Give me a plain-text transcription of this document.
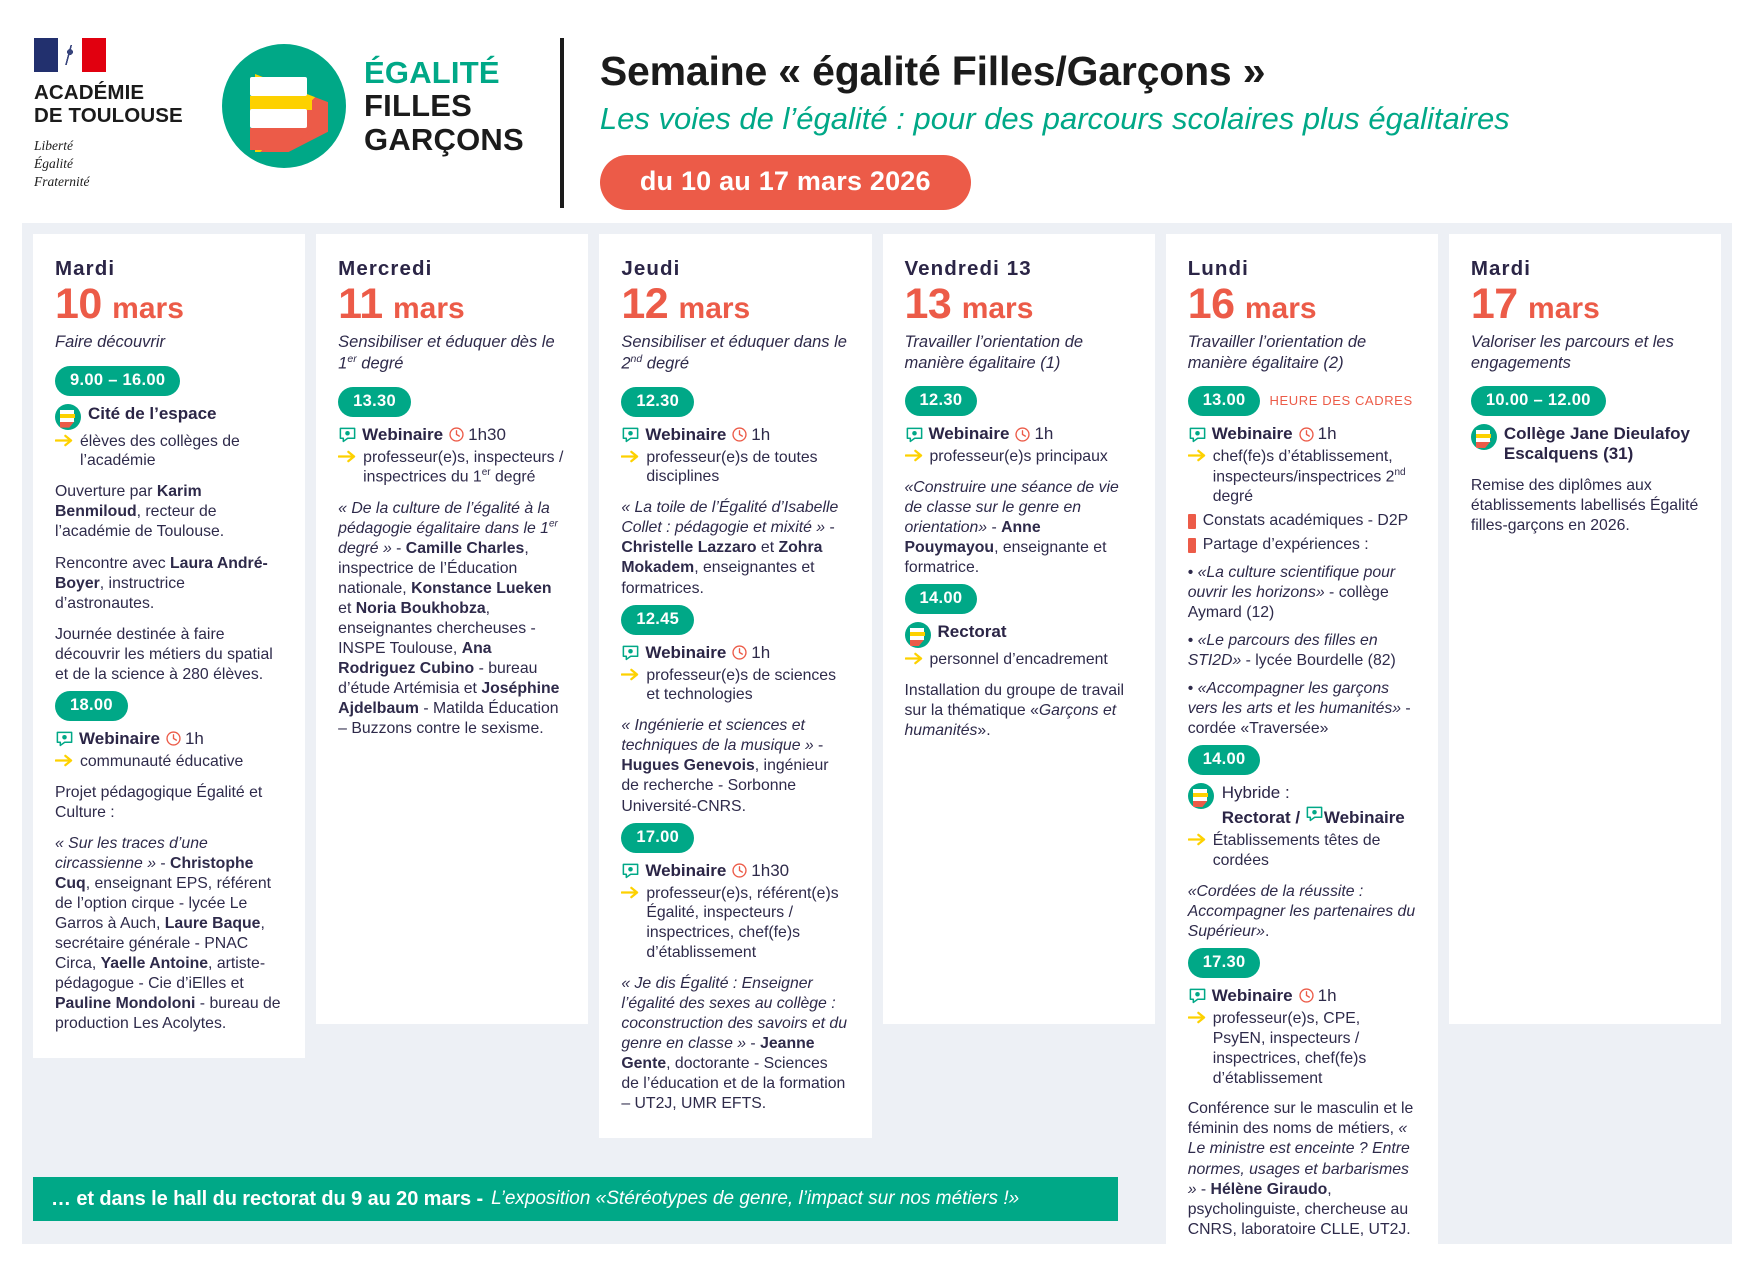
ACADÉMIE
DE TOULOUSE
Liberté
Égalité
Fraternité
ÉGALITÉ
FILLES
GARÇONS
Semaine « égalité Filles/Garçons »
Les voies de l’égalité : pour des parcours scolaires plus égalitaires
du 10 au 17 mars 2026
Mardi
10 mars
Faire découvrir
9.00 – 16.00
Cité de l’espace
élèves des collèges de l’académie
Ouverture par Karim Benmiloud, recteur de l’académie de Toulouse.
Rencontre avec Laura André-Boyer, instructrice d’astronautes.
Journée destinée à faire découvrir les métiers du spatial et de la science à 280 élèves.
18.00
Webinaire	1h
communauté éducative
Projet pédagogique Égalité et Culture :
« Sur les traces d’une circassienne » - Christophe Cuq, enseignant EPS, référent de l’option cirque - lycée Le Garros à Auch, Laure Baque, secrétaire générale - PNAC Circa, Yaelle Antoine, artiste-pédagogue - Cie d’iElles et Pauline Mondoloni - bureau de production Les Acolytes.
Mercredi
11 mars
Sensibiliser et éduquer dès le 1er degré
13.30
Webinaire	1h30
professeur(e)s, inspecteurs / inspectrices du 1er degré
« De la culture de l’égalité à la pédagogie égalitaire dans le 1er degré » - Camille Charles, inspectrice de l’Éducation nationale, Konstance Lueken et Noria Boukhobza, enseignantes chercheuses - INSPE Toulouse, Ana Rodriguez Cubino - bureau d’étude Artémisia et Joséphine Ajdelbaum - Matilda Éducation – Buzzons contre le sexisme.
Jeudi
12 mars
Sensibiliser et éduquer dans le 2nd degré
12.30
Webinaire	1h
professeur(e)s de toutes disciplines
« La toile de l’Égalité d’Isabelle Collet : pédagogie et mixité » - Christelle Lazzaro et Zohra Mokadem, enseignantes et formatrices.
12.45
Webinaire	1h
professeur(e)s de sciences et technologies
« Ingénierie et sciences et techniques de la musique » - Hugues Genevois, ingénieur de recherche - Sorbonne Université-CNRS.
17.00
Webinaire	1h30
professeur(e)s, référent(e)s Égalité, inspecteurs / inspectrices, chef(fe)s d’établissement
« Je dis Égalité : Enseigner l’égalité des sexes au collège : coconstruction des savoirs et du genre en classe » - Jeanne Gente, doctorante - Sciences de l’éducation et de la formation – UT2J, UMR EFTS.
Vendredi 13
13 mars
Travailler l’orientation de manière égalitaire (1)
12.30
Webinaire	1h
professeur(e)s principaux
«Construire une séance de vie de classe sur le genre en orientation» - Anne Pouymayou, enseignante et formatrice.
14.00
Rectorat
personnel d’encadrement
Installation du groupe de travail sur la thématique «Garçons et humanités».
Lundi
16 mars
Travailler l’orientation de manière égalitaire (2)
13.00 HEURE DES CADRES
Webinaire	1h
chef(fe)s d’établissement, inspecteurs/inspectrices 2nd degré
Constats académiques - D2P
Partage d’expériences :
• «La culture scientifique pour ouvrir les horizons» - collège Aymard (12)
• «Le parcours des filles en STI2D» - lycée Bourdelle (82)
• «Accompagner les garçons vers les arts et les humanités» - cordée «Traversée»
14.00
Hybride :
Rectorat / Webinaire
Établissements têtes de cordées
«Cordées de la réussite : Accompagner les partenaires du Supérieur».
17.30
Webinaire	1h
professeur(e)s, CPE, PsyEN, inspecteurs / inspectrices, chef(fe)s d’établissement
Conférence sur le masculin et le féminin des noms de métiers, « Le ministre est enceinte ? Entre normes, usages et barbarismes » - Hélène Giraudo, psycholinguiste, chercheuse au CNRS, laboratoire CLLE, UT2J.
Mardi
17 mars
Valoriser les parcours et les engagements
10.00 – 12.00
Collège Jane Dieulafoy Escalquens (31)
Remise des diplômes aux établissements labellisés Égalité filles-garçons en 2026.
… et dans le hall du rectorat du 9 au 20 mars - L’exposition «Stéréotypes de genre, l’impact sur nos métiers !»
